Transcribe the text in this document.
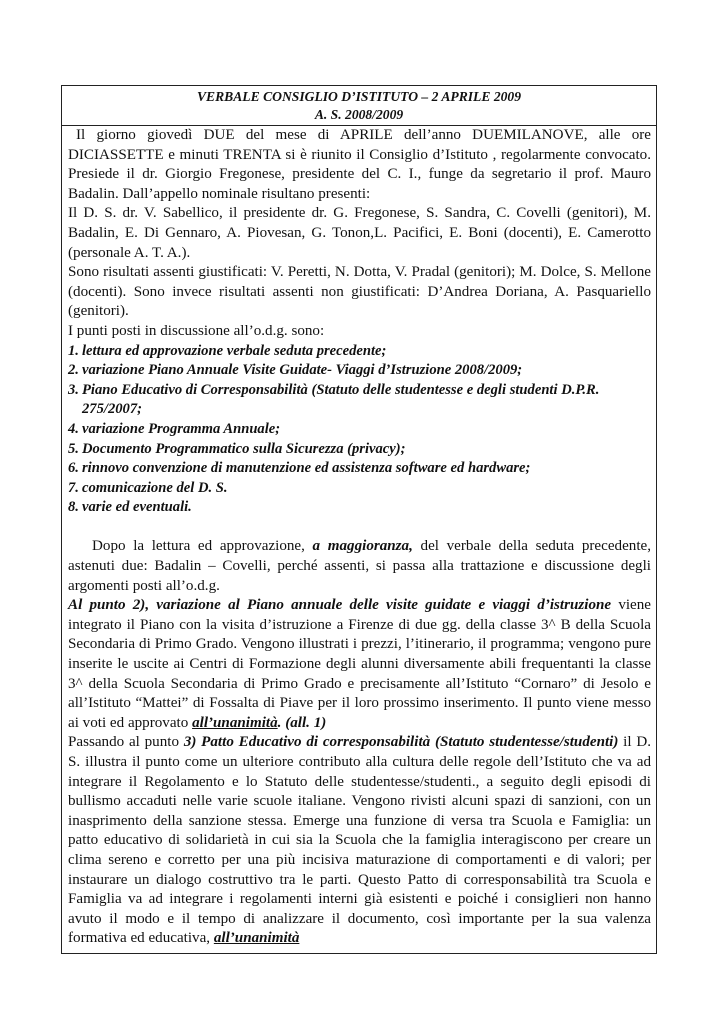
VERBALE CONSIGLIO D’ISTITUTO – 2 APRILE 2009
A. S. 2008/2009

Il giorno giovedì DUE del mese di APRILE dell’anno DUEMILANOVE, alle ore DICIASSETTE e minuti TRENTA si è riunito il Consiglio d’Istituto , regolarmente convocato. Presiede il dr. Giorgio Fregonese, presidente del C. I., funge da segretario il prof. Mauro Badalin. Dall’appello nominale risultano presenti:

Il D. S. dr. V. Sabellico, il presidente dr. G. Fregonese, S. Sandra, C. Covelli (genitori), M. Badalin, E. Di Gennaro, A. Piovesan, G. Tonon,L. Pacifici, E. Boni (docenti), E. Camerotto (personale A. T. A.).

Sono risultati assenti giustificati: V. Peretti, N. Dotta, V. Pradal (genitori); M. Dolce, S. Mellone (docenti). Sono invece risultati assenti non giustificati: D’Andrea Doriana, A. Pasquariello (genitori).

I punti posti in discussione all’o.d.g. sono:

1. lettura ed approvazione verbale seduta precedente;
2. variazione Piano Annuale Visite Guidate- Viaggi d’Istruzione 2008/2009;
3. Piano Educativo di Corresponsabilità (Statuto delle studentesse e degli studenti D.P.R. 275/2007;
4. variazione Programma Annuale;
5. Documento Programmatico sulla Sicurezza (privacy);
6. rinnovo convenzione di manutenzione ed assistenza software ed hardware;
7. comunicazione del D. S.
8. varie ed eventuali.

Dopo la lettura ed approvazione, a maggioranza, del verbale della seduta precedente, astenuti due: Badalin – Covelli, perché assenti, si passa alla trattazione e discussione degli argomenti posti all’o.d.g.

Al punto 2), variazione al Piano annuale delle visite guidate e viaggi d’istruzione viene integrato il Piano con la visita d’istruzione a Firenze di due gg. della classe 3^ B della Scuola Secondaria di Primo Grado. Vengono illustrati i prezzi, l’itinerario, il programma; vengono pure inserite le uscite ai Centri di Formazione degli alunni diversamente abili frequentanti la classe 3^ della Scuola Secondaria di Primo Grado e precisamente all’Istituto “Cornaro” di Jesolo e all’Istituto “Mattei” di Fossalta di Piave per il loro prossimo inserimento. Il punto viene messo ai voti ed approvato all’unanimità. (all. 1)

Passando al punto 3) Patto Educativo di corresponsabilità (Statuto studentesse/studenti) il D. S. illustra il punto come un ulteriore contributo alla cultura delle regole dell’Istituto che va ad integrare il Regolamento e lo Statuto delle studentesse/studenti., a seguito degli episodi di bullismo accaduti nelle varie scuole italiane. Vengono rivisti alcuni spazi di sanzioni, con un inasprimento della sanzione stessa. Emerge una funzione di versa tra Scuola e Famiglia: un patto educativo di solidarietà in cui sia la Scuola che la famiglia interagiscono per creare un clima sereno e corretto per una più incisiva maturazione di comportamenti e di valori; per instaurare un dialogo costruttivo tra le parti. Questo Patto di corresponsabilità tra Scuola e Famiglia va ad integrare i regolamenti interni già esistenti e poiché i consiglieri non hanno avuto il modo e il tempo di analizzare il documento, così importante per la sua valenza formativa ed educativa, all’unanimità
